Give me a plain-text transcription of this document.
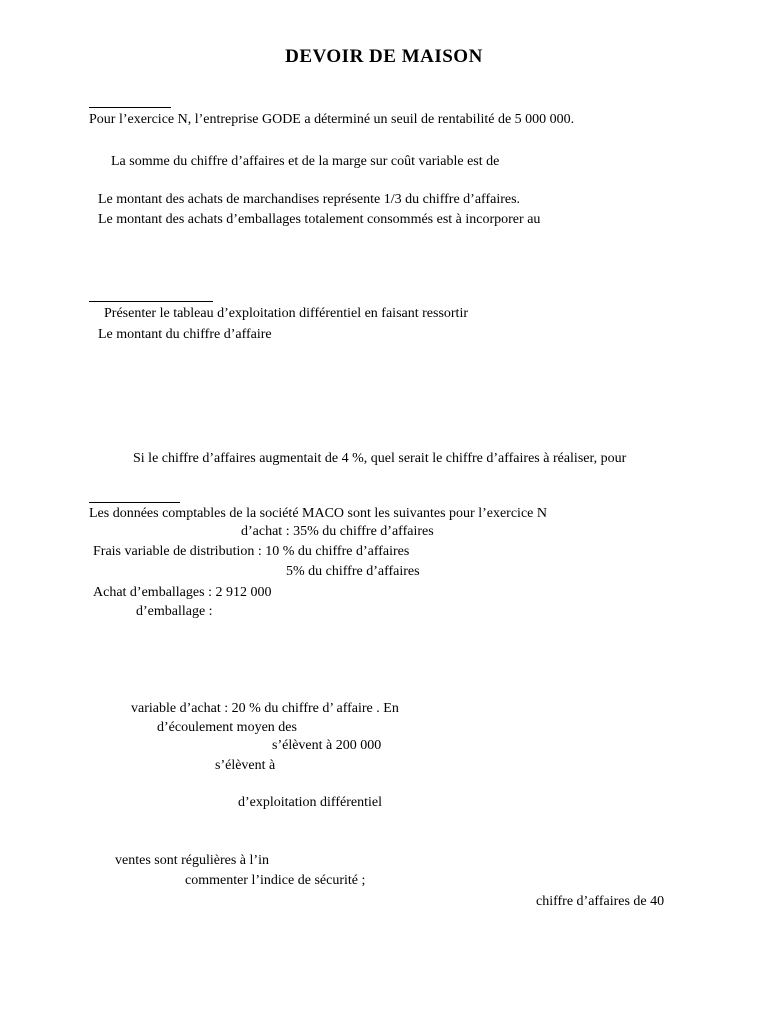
DEVOIR DE MAISON
Pour l’exercice N, l’entreprise GODE a déterminé un seuil de rentabilité de 5 000 000.
La somme du chiffre d’affaires et de la marge sur coût variable est de
Le montant des achats de marchandises représente 1/3 du chiffre d’affaires.
Le montant des achats d’emballages totalement consommés est à incorporer au
Présenter le tableau d’exploitation différentiel en faisant ressortir
Le montant du chiffre d’affaire
Si le chiffre d’affaires augmentait de 4 %, quel serait le chiffre d’affaires à réaliser, pour
Les données comptables de la société MACO sont les suivantes pour l’exercice N
d’achat : 35% du chiffre d’affaires
Frais variable de distribution : 10 % du chiffre d’affaires
5% du chiffre d’affaires
Achat d’emballages : 2 912 000
d’emballage :
variable d’achat : 20 % du chiffre d’ affaire . En
d’écoulement moyen des
s’élèvent à 200 000
s’élèvent à
d’exploitation différentiel
ventes sont régulières à l’in
commenter l’indice de sécurité ;
chiffre d’affaires de 40
